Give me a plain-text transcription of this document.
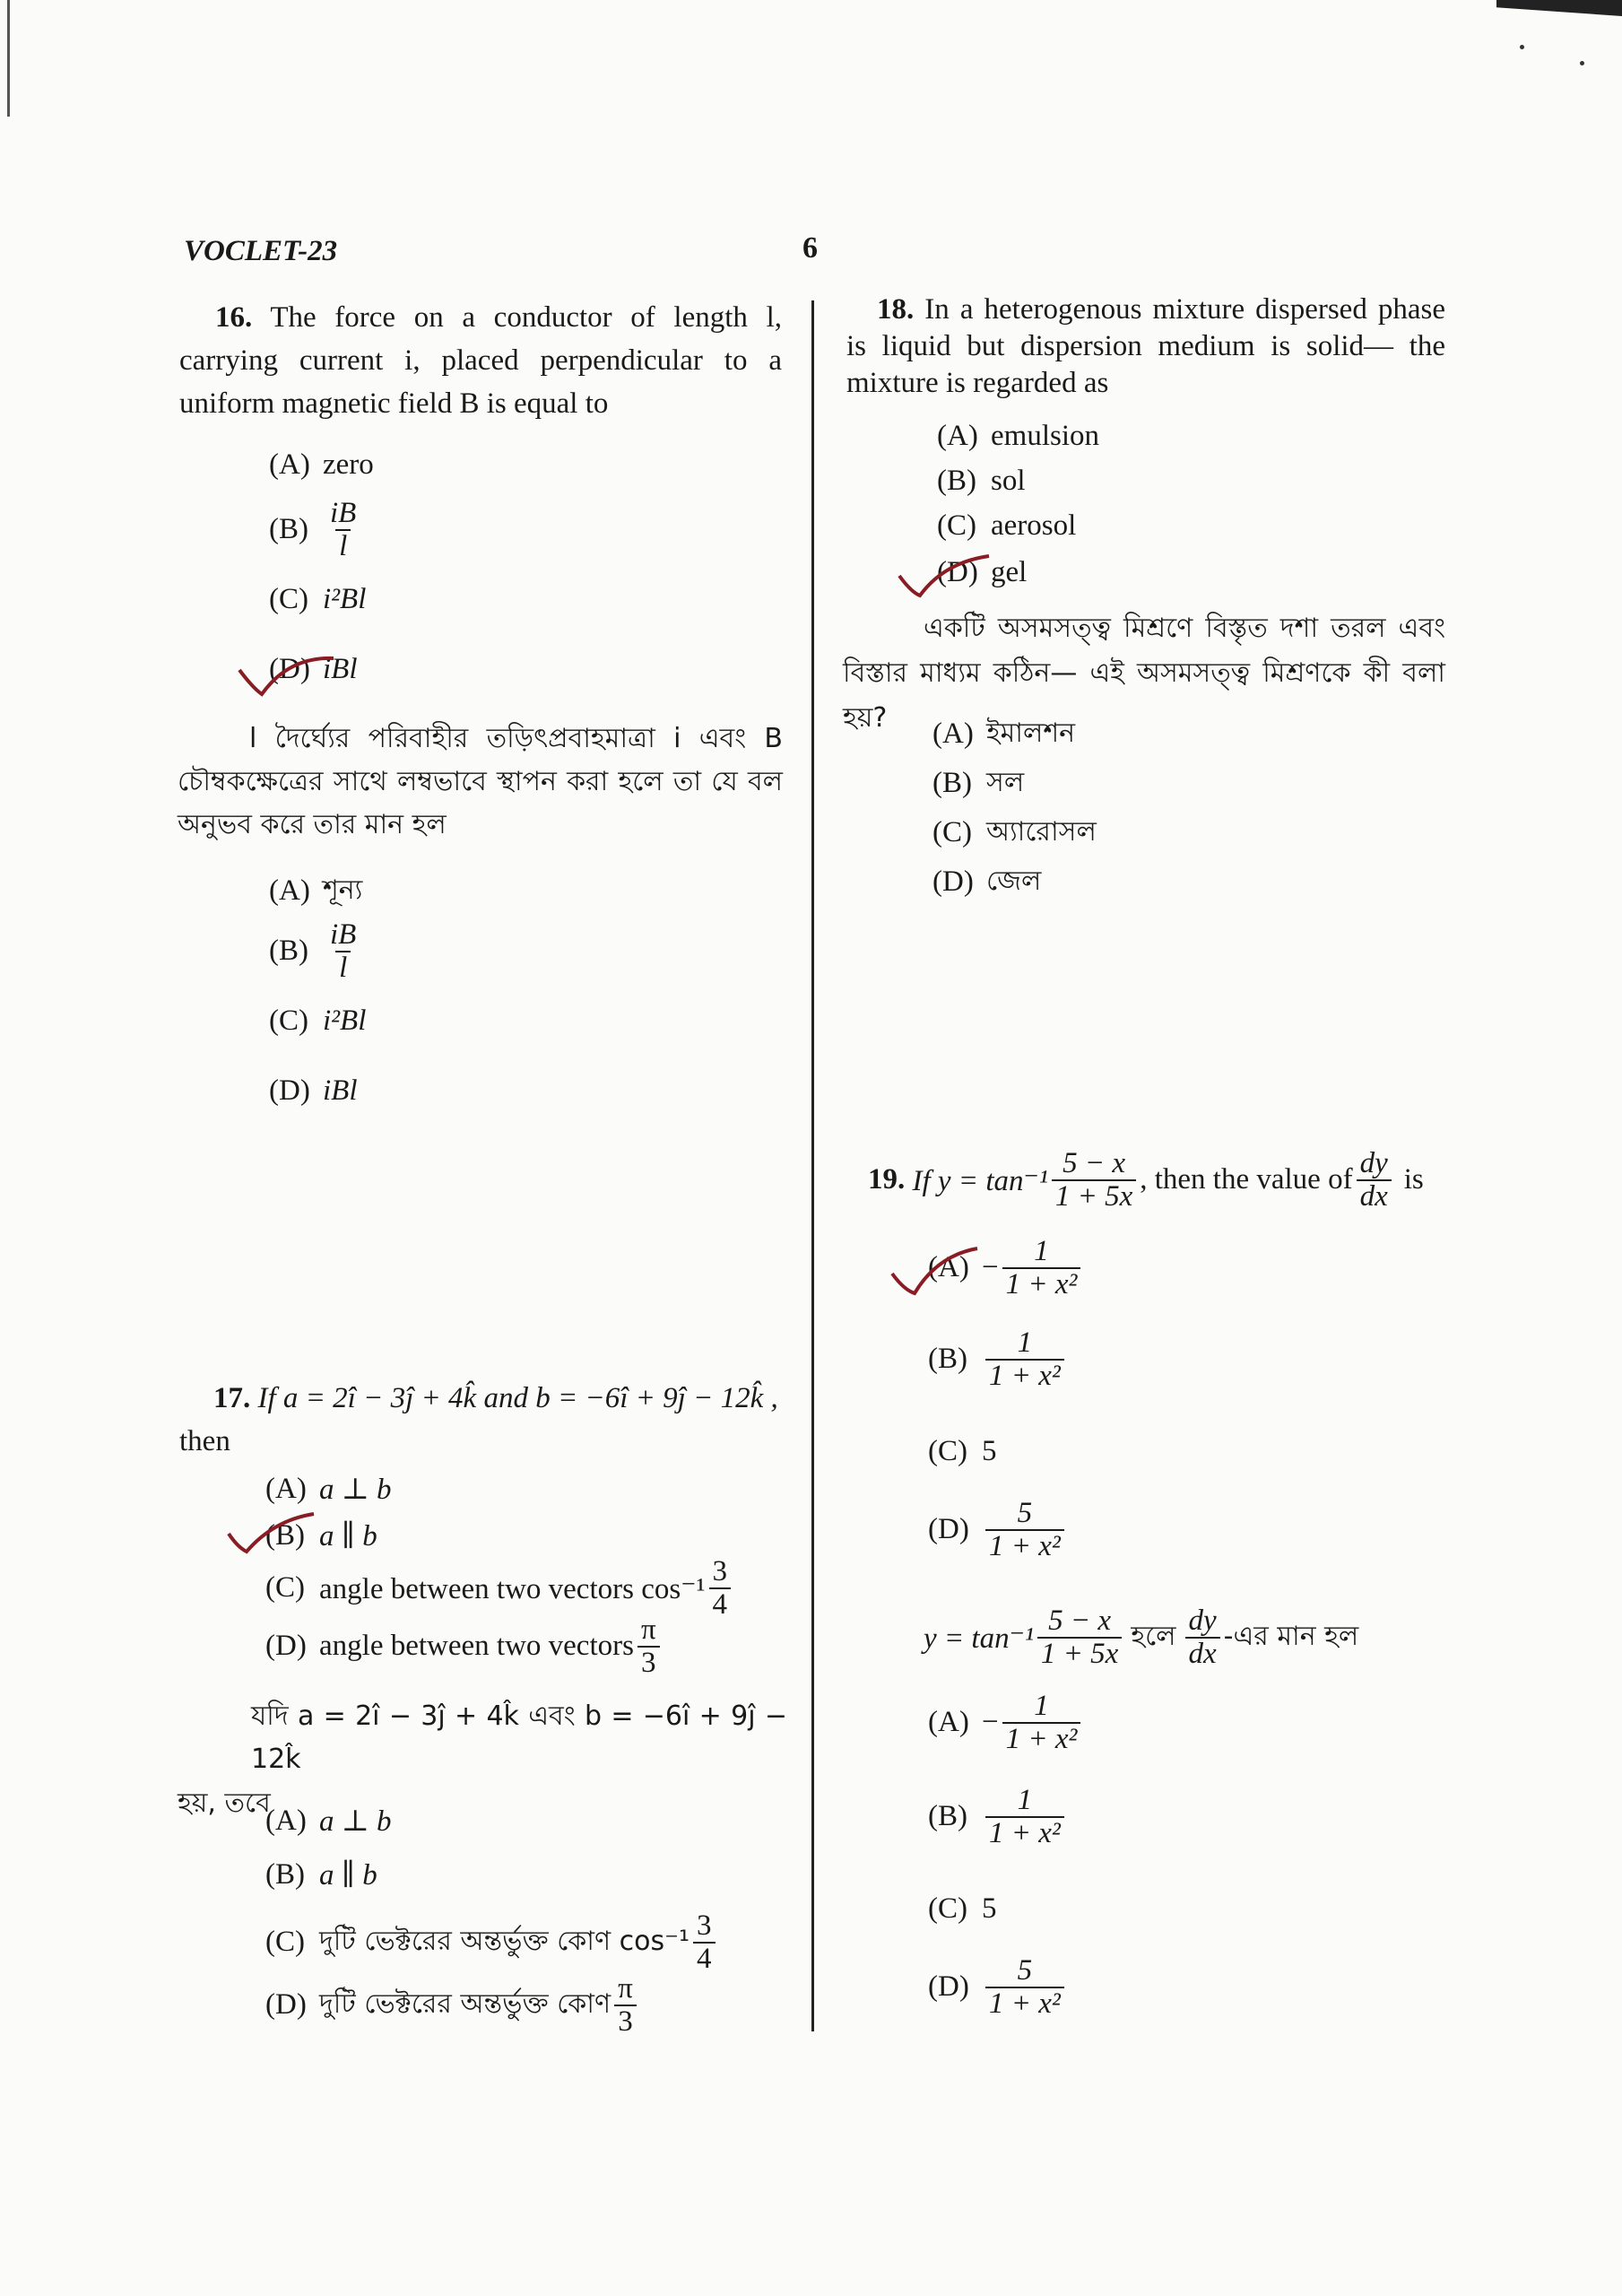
VOCLET-23	6
16. The force on a conductor of length l, carrying current i, placed perpendicular to a uniform magnetic field B is equal to
(A) zero
$(B) \frac{iB}{l}$
(C) i²Bl
(D) iBl
l দৈর্ঘ্যের পরিবাহীর তড়িৎপ্রবাহমাত্রা i এবং B চৌম্বকক্ষেত্রের সাথে লম্বভাবে স্থাপন করা হলে তা যে বল অনুভব করে তার মান হল
(A) শূন্য
$(B) \frac{iB}{l}$
(C) i²Bl
(D) iBl
17. If a = 2î − 3ĵ + 4k̂ and b = −6î + 9ĵ − 12k̂ ,
then
(A) a ⊥ b
(B) a ∥ b
(C) angle between two vectors $\cos^{-1} \frac{3}{4}$
(D) angle between two vectors $\frac{\pi}{3}$
যদি a = 2î − 3ĵ + 4k̂ এবং b = −6î + 9ĵ − 12k̂
হয়, তবে
(A) a ⊥ b
(B) a ∥ b
(C) দুটি ভেক্টরের অন্তর্ভুক্ত কোণ $\cos^{-1} \frac{3}{4}$
(D) দুটি ভেক্টরের অন্তর্ভুক্ত কোণ $\frac{\pi}{3}$
18. In a heterogenous mixture dispersed phase is liquid but dispersion medium is solid— the mixture is regarded as
(A) emulsion
(B) sol
(C) aerosol
(D) gel
একটি অসমসত্ত্ব মিশ্রণে বিস্তৃত দশা তরল এবং বিস্তার মাধ্যম কঠিন— এই অসমসত্ত্ব মিশ্রণকে কী বলা হয়?	(A) ইমালশন
(B) সল
(C) অ্যারোসল
(D) জেল
19.
If $y = \tan^{-1} \frac{5 - x}{1 + 5x}$ , then the value of $\frac{dy}{dx}$ is
$(A) - \frac{1}{\text{1 + x²}}$
$(B) \frac{1}{\text{1 + x²}}$
(C) 5
$(D) \frac{5}{\text{1 + x²}}$
$y = \tan^{-1} \frac{5 - x}{1 + 5x}$ হলে $\frac{dy}{dx}$ -এর মান হল
$(A) - \frac{1}{\text{1 + x²}}$
$(B) \frac{1}{\text{1 + x²}}$
(C) 5
$(D) \frac{5}{\text{1 + x²}}$
